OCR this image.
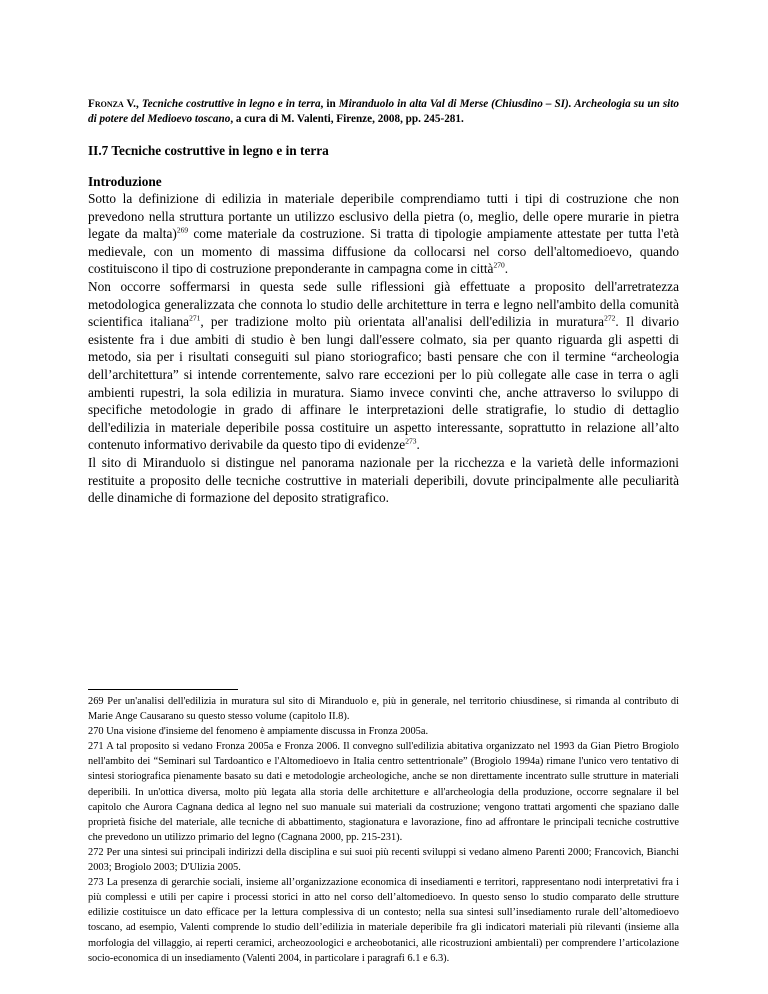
Fronza V., Tecniche costruttive in legno e in terra, in Miranduolo in alta Val di Merse (Chiusdino – SI). Archeologia su un sito di potere del Medioevo toscano, a cura di M. Valenti, Firenze, 2008, pp. 245-281.
II.7 Tecniche costruttive in legno e in terra
Introduzione

Sotto la definizione di edilizia in materiale deperibile comprendiamo tutti i tipi di costruzione che non prevedono nella struttura portante un utilizzo esclusivo della pietra (o, meglio, delle opere murarie in pietra legate da malta)$^{269}$ come materiale da costruzione. Si tratta di tipologie ampiamente attestate per tutta l'età medievale, con un momento di massima diffusione da collocarsi nel corso dell'altomedioevo, quando costituiscono il tipo di costruzione preponderante in campagna come in città$^{270}$.

Non occorre soffermarsi in questa sede sulle riflessioni già effettuate a proposito dell'arretratezza metodologica generalizzata che connota lo studio delle architetture in terra e legno nell'ambito della comunità scientifica italiana$^{271}$, per tradizione molto più orientata all'analisi dell'edilizia in muratura$^{272}$. Il divario esistente fra i due ambiti di studio è ben lungi dall'essere colmato, sia per quanto riguarda gli aspetti di metodo, sia per i risultati conseguiti sul piano storiografico; basti pensare che con il termine “archeologia dell’architettura” si intende correntemente, salvo rare eccezioni per lo più collegate alle case in terra o agli ambienti rupestri, la sola edilizia in muratura. Siamo invece convinti che, anche attraverso lo sviluppo di specifiche metodologie in grado di affinare le interpretazioni delle stratigrafie, lo studio di dettaglio dell'edilizia in materiale deperibile possa costituire un aspetto interessante, soprattutto in relazione all’alto contenuto informativo derivabile da questo tipo di evidenze$^{273}$.

Il sito di Miranduolo si distingue nel panorama nazionale per la ricchezza e la varietà delle informazioni restituite a proposito delle tecniche costruttive in materiali deperibili, dovute principalmente alle peculiarità delle dinamiche di formazione del deposito stratigrafico.

269 Per un'analisi dell'edilizia in muratura sul sito di Miranduolo e, più in generale, nel territorio chiusdinese, si rimanda al contributo di Marie Ange Causarano su questo stesso volume (capitolo II.8).

270 Una visione d'insieme del fenomeno è ampiamente discussa in Fronza 2005a.

271 A tal proposito si vedano Fronza 2005a e Fronza 2006. Il convegno sull'edilizia abitativa organizzato nel 1993 da Gian Pietro Brogiolo nell'ambito dei “Seminari sul Tardoantico e l'Altomedioevo in Italia centro settentrionale” (Brogiolo 1994a) rimane l'unico vero tentativo di sintesi storiografica pienamente basato su dati e metodologie archeologiche, anche se non direttamente incentrato sulle strutture in materiali deperibili. In un'ottica diversa, molto più legata alla storia delle architetture e all'archeologia della produzione, occorre segnalare il bel capitolo che Aurora Cagnana dedica al legno nel suo manuale sui materiali da costruzione; vengono trattati argomenti che spaziano dalle proprietà fisiche del materiale, alle tecniche di abbattimento, stagionatura e lavorazione, fino ad affrontare le principali tecniche costruttive che prevedono un utilizzo primario del legno (Cagnana 2000, pp. 215-231).

272 Per una sintesi sui principali indirizzi della disciplina e sui suoi più recenti sviluppi si vedano almeno Parenti 2000; Francovich, Bianchi 2003; Brogiolo 2003; D'Ulizia 2005.

273 La presenza di gerarchie sociali, insieme all’organizzazione economica di insediamenti e territori, rappresentano nodi interpretativi fra i più complessi e utili per capire i processi storici in atto nel corso dell’altomedioevo. In questo senso lo studio comparato delle strutture edilizie costituisce un dato efficace per la lettura complessiva di un contesto; nella sua sintesi sull’insediamento rurale dell’altomedioevo toscano, ad esempio, Valenti comprende lo studio dell’edilizia in materiale deperibile fra gli indicatori materiali più rilevanti (insieme alla morfologia del villaggio, ai reperti ceramici, archeozoologici e archeobotanici, alle ricostruzioni ambientali) per comprendere l’articolazione socio-economica di un insediamento (Valenti 2004, in particolare i paragrafi 6.1 e 6.3).
